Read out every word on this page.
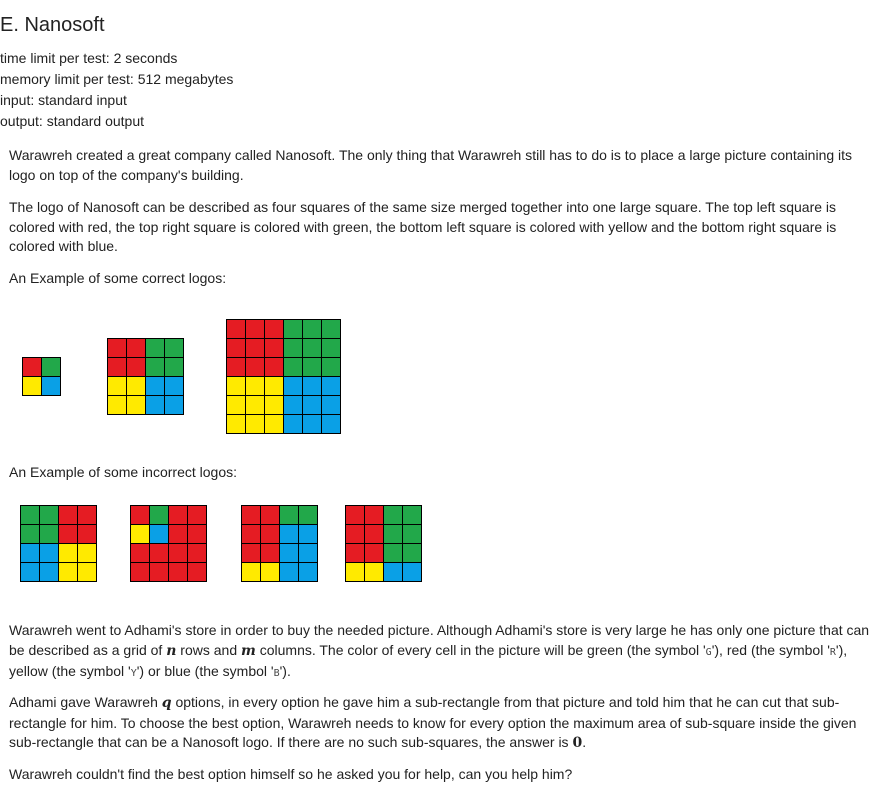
E. Nanosoft
time limit per test: 2 seconds
memory limit per test: 512 megabytes
input: standard input
output: standard output

Warawreh created a great company called Nanosoft. The only thing that Warawreh still has to do is to place a large picture containing its logo on top of the company's building.

The logo of Nanosoft can be described as four squares of the same size merged together into one large square. The top left square is colored with red, the top right square is colored with green, the bottom left square is colored with yellow and the bottom right square is colored with blue.

An Example of some correct logos:
An Example of some incorrect logos:

Warawreh went to Adhami's store in order to buy the needed picture. Although Adhami's store is very large he has only one picture that can be described as a grid of n rows and m columns. The color of every cell in the picture will be green (the symbol 'G'), red (the symbol 'R'), yellow (the symbol 'Y') or blue (the symbol 'B').

Adhami gave Warawreh q options, in every option he gave him a sub-rectangle from that picture and told him that he can cut that sub-rectangle for him. To choose the best option, Warawreh needs to know for every option the maximum area of sub-square inside the given sub-rectangle that can be a Nanosoft logo. If there are no such sub-squares, the answer is 0.

Warawreh couldn't find the best option himself so he asked you for help, can you help him?
